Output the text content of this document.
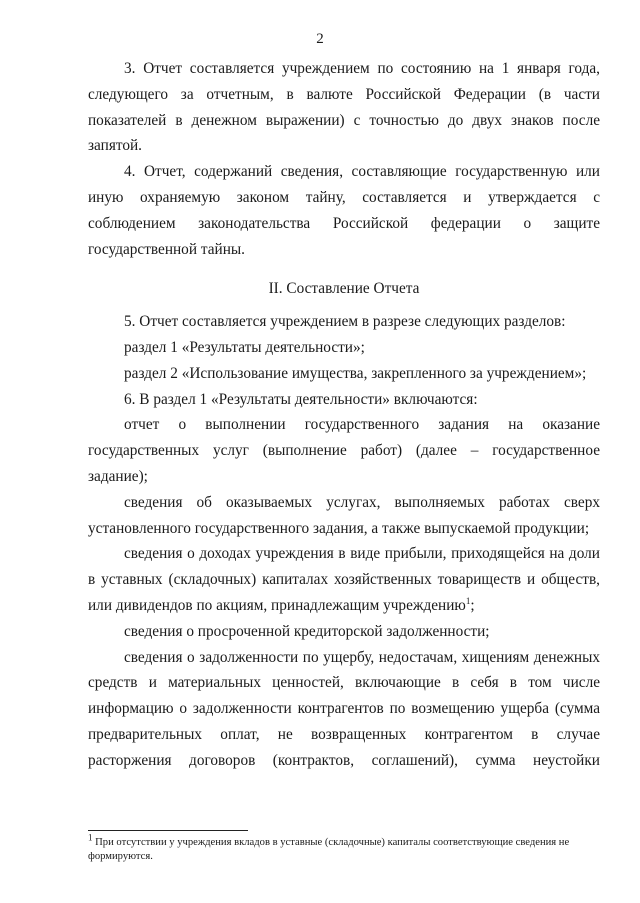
2

3. Отчет составляется учреждением по состоянию на 1 января года, следующего за отчетным, в валюте Российской Федерации (в части показателей в денежном выражении) с точностью до двух знаков после запятой.

4. Отчет, содержаний сведения, составляющие государственную или иную охраняемую законом тайну, составляется и утверждается с соблюдением законодательства Российской федерации о защите государственной тайны.

II. Составление Отчета

5. Отчет составляется учреждением в разрезе следующих разделов:

раздел 1 «Результаты деятельности»;

раздел 2 «Использование имущества, закрепленного за учреждением»;

6. В раздел 1 «Результаты деятельности» включаются:

отчет о выполнении государственного задания на оказание государственных услуг (выполнение работ) (далее – государственное задание);

сведения об оказываемых услугах, выполняемых работах сверх установленного государственного задания, а также выпускаемой продукции;

сведения о доходах учреждения в виде прибыли, приходящейся на доли в уставных (складочных) капиталах хозяйственных товариществ и обществ, или дивидендов по акциям, принадлежащим учреждению$^1$;

сведения о просроченной кредиторской задолженности;

сведения о задолженности по ущербу, недостачам, хищениям денежных средств и материальных ценностей, включающие в себя в том числе информацию о задолженности контрагентов по возмещению ущерба (сумма предварительных оплат, не возвращенных контрагентом в случае расторжения договоров (контрактов, соглашений), сумма неустойки

$^1$ При отсутствии у учреждения вкладов в уставные (складочные) капиталы соответствующие сведения не формируются.
